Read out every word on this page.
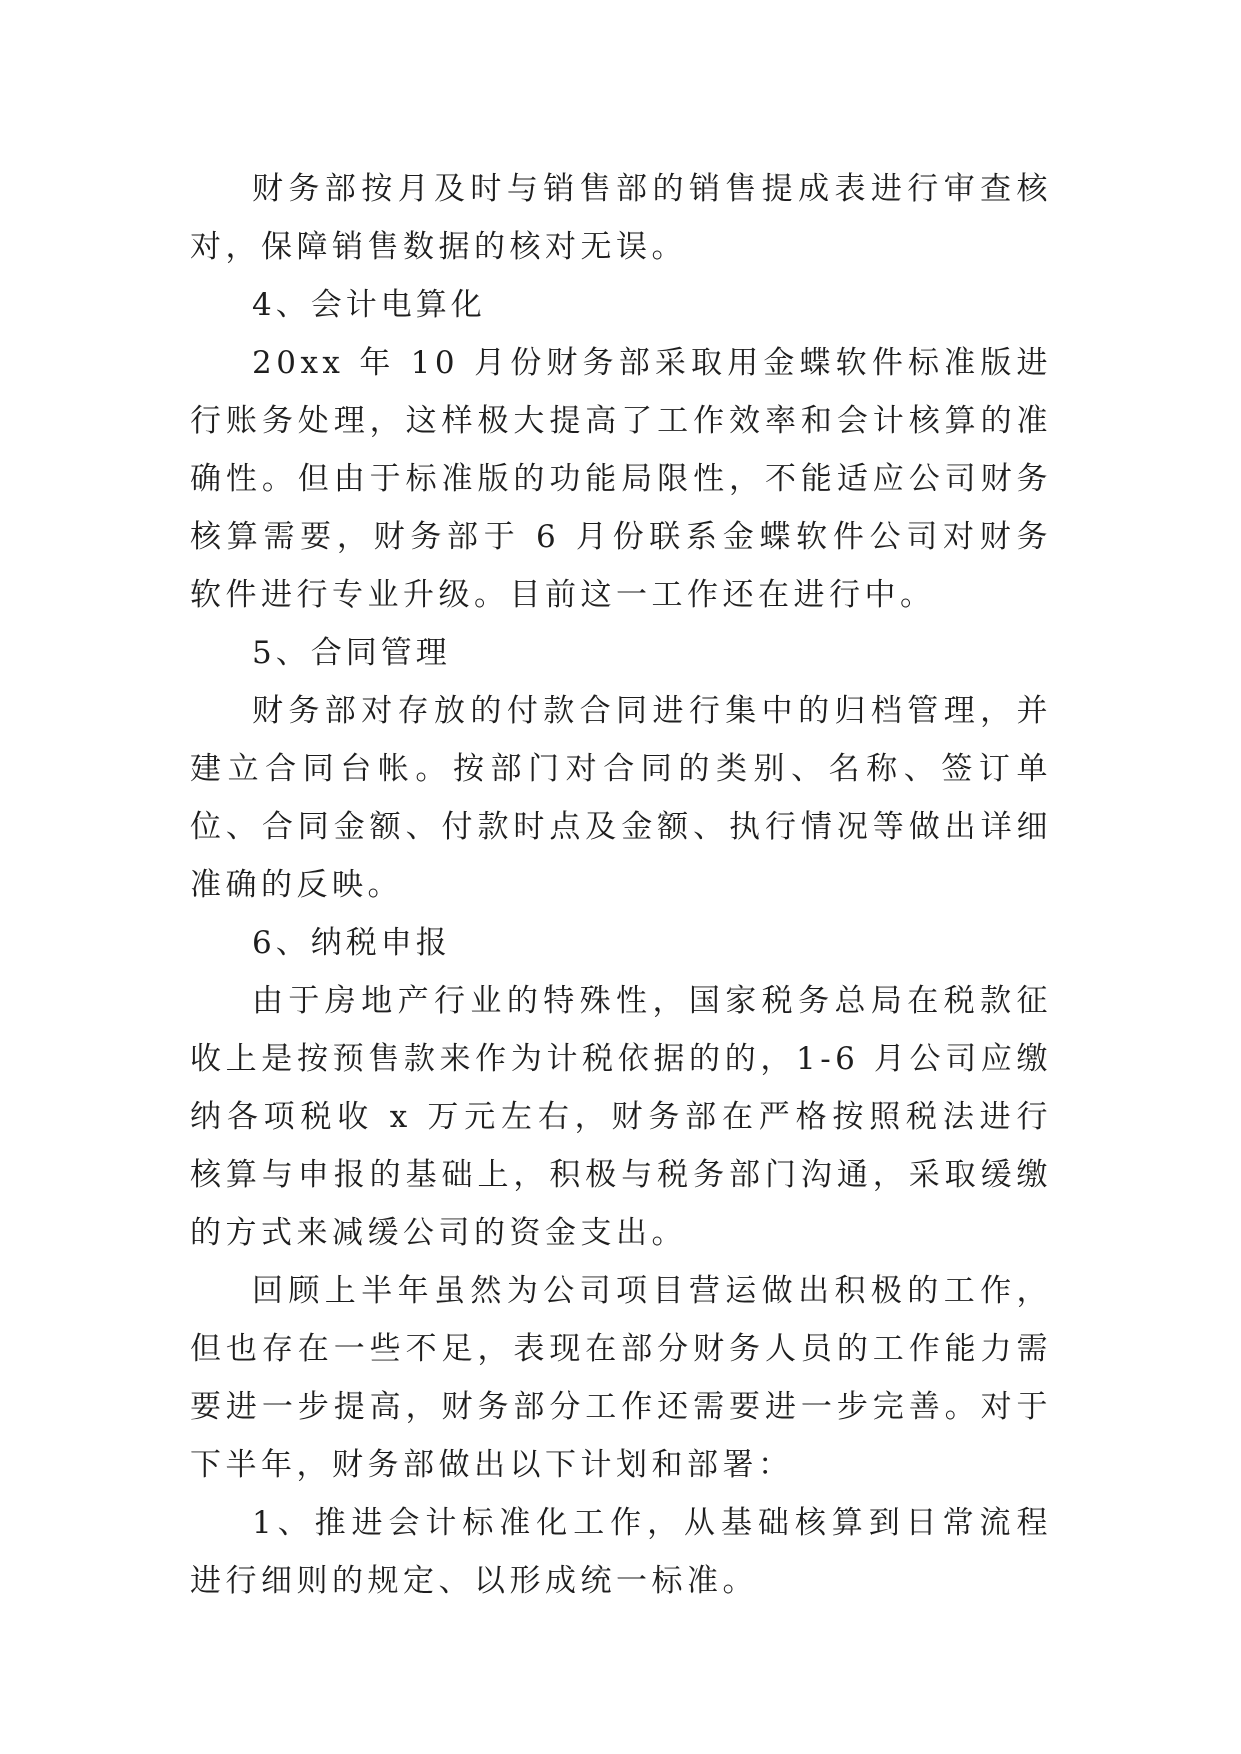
财务部按月及时与销售部的销售提成表进行审查核对，保障销售数据的核对无误。

4、会计电算化

20xx 年 10 月份财务部采取用金蝶软件标准版进行账务处理，这样极大提高了工作效率和会计核算的准确性。但由于标准版的功能局限性，不能适应公司财务核算需要，财务部于 6 月份联系金蝶软件公司对财务软件进行专业升级。目前这一工作还在进行中。

5、合同管理

财务部对存放的付款合同进行集中的归档管理，并建立合同台帐。按部门对合同的类别、名称、签订单位、合同金额、付款时点及金额、执行情况等做出详细准确的反映。

6、纳税申报

由于房地产行业的特殊性，国家税务总局在税款征收上是按预售款来作为计税依据的的，1-6 月公司应缴纳各项税收 x 万元左右，财务部在严格按照税法进行核算与申报的基础上，积极与税务部门沟通，采取缓缴的方式来减缓公司的资金支出。

回顾上半年虽然为公司项目营运做出积极的工作，但也存在一些不足，表现在部分财务人员的工作能力需要进一步提高，财务部分工作还需要进一步完善。对于下半年，财务部做出以下计划和部署：

1、推进会计标准化工作，从基础核算到日常流程进行细则的规定、以形成统一标准。
